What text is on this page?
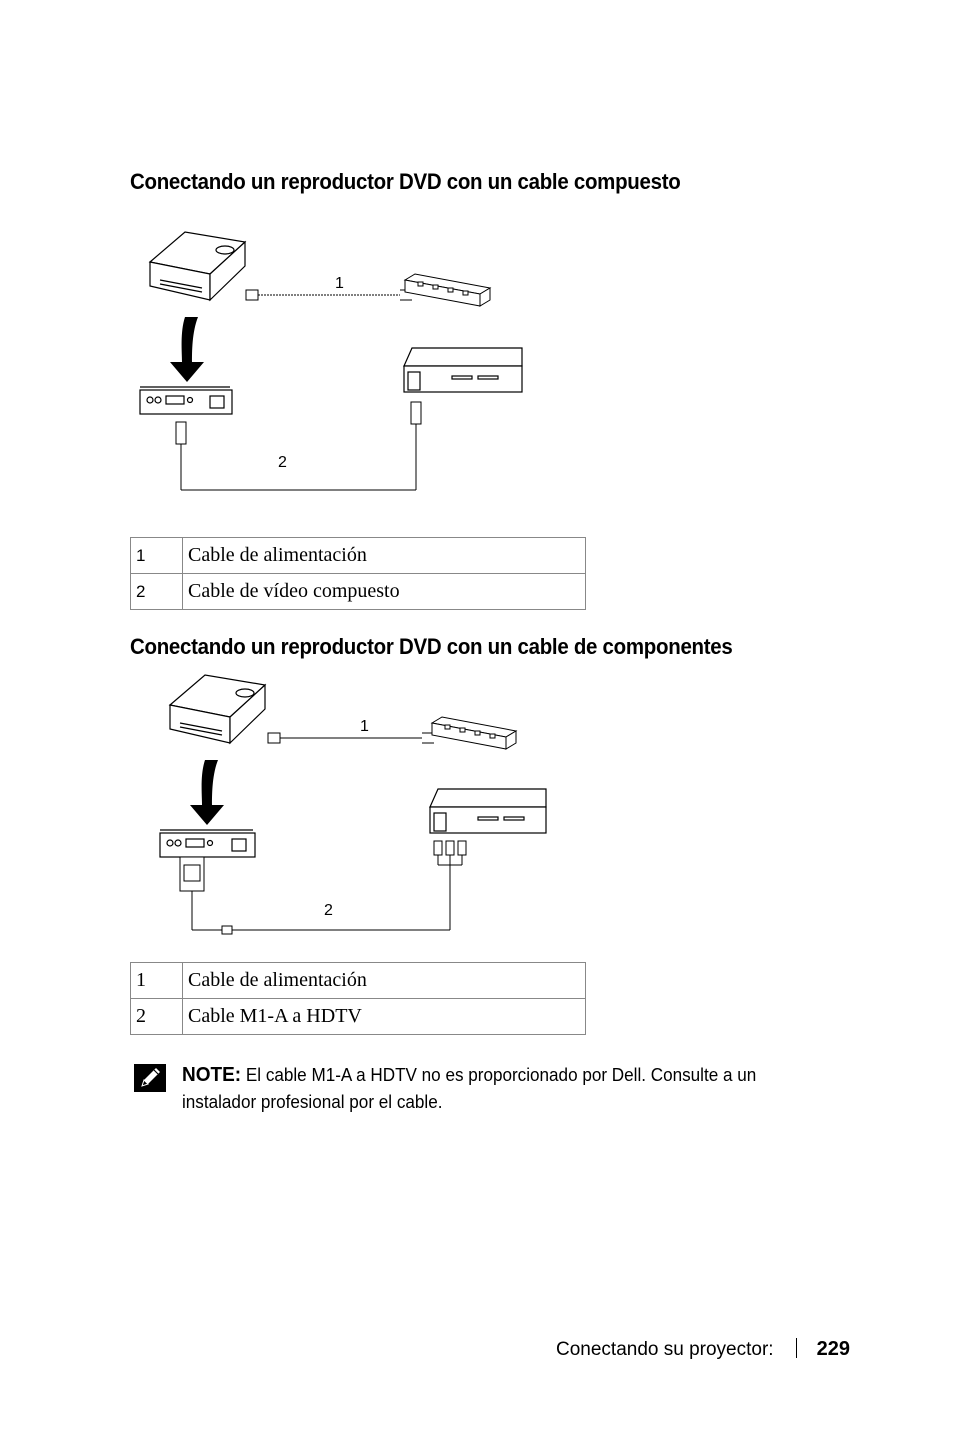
Conectando un reproductor DVD con un cable compuesto
1
2
1	Cable de alimentación
2	Cable de vídeo compuesto
Conectando un reproductor DVD con un cable de componentes
1
2
1	Cable de alimentación
2	Cable M1-A a HDTV
NOTE: El cable M1-A a HDTV no es proporcionado por Dell. Consulte a un instalador profesional por el cable.
Conectando su proyector: 229
